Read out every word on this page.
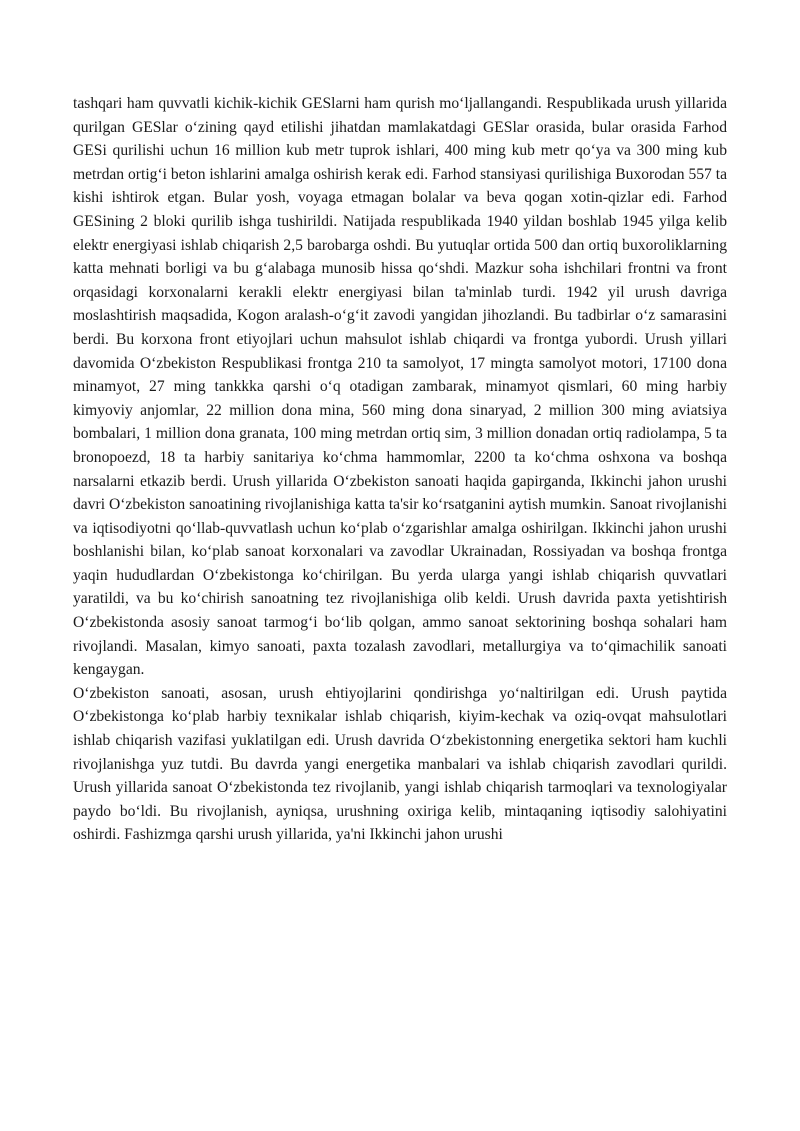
tashqari ham quvvatli kichik-kichik GESlarni ham qurish mo‘ljallangandi. Respublikada urush yillarida qurilgan GESlar o‘zining qayd etilishi jihatdan mamlakatdagi GESlar orasida, bular orasida Farhod GESi qurilishi uchun 16 million kub metr tuprok ishlari, 400 ming kub metr qo‘ya va 300 ming kub metrdan ortig‘i beton ishlarini amalga oshirish kerak edi. Farhod stansiyasi qurilishiga Buxorodan 557 ta kishi ishtirok etgan. Bular yosh, voyaga etmagan bolalar va beva qogan xotin-qizlar edi. Farhod GESining 2 bloki qurilib ishga tushirildi. Natijada respublikada 1940 yildan boshlab 1945 yilga kelib elektr energiyasi ishlab chiqarish 2,5 barobarga oshdi. Bu yutuqlar ortida 500 dan ortiq buxoroliklarning katta mehnati borligi va bu g‘alabaga munosib hissa qo‘shdi. Mazkur soha ishchilari frontni va front orqasidagi korxonalarni kerakli elektr energiyasi bilan ta'minlab turdi. 1942 yil urush davriga moslashtirish maqsadida, Kogon aralash-o‘g‘it zavodi yangidan jihozlandi. Bu tadbirlar o‘z samarasini berdi. Bu korxona front etiyojlari uchun mahsulot ishlab chiqardi va frontga yubordi. Urush yillari davomida O‘zbekiston Respublikasi frontga 210 ta samolyot, 17 mingta samolyot motori, 17100 dona minamyot, 27 ming tankkka qarshi o‘q otadigan zambarak, minamyot qismlari, 60 ming harbiy kimyoviy anjomlar, 22 million dona mina, 560 ming dona sinaryad, 2 million 300 ming aviatsiya bombalari, 1 million dona granata, 100 ming metrdan ortiq sim, 3 million donadan ortiq radiolampa, 5 ta bronopoezd, 18 ta harbiy sanitariya ko‘chma hammomlar, 2200 ta ko‘chma oshxona va boshqa narsalarni etkazib berdi. Urush yillarida O‘zbekiston sanoati haqida gapirganda, Ikkinchi jahon urushi davri O‘zbekiston sanoatining rivojlanishiga katta ta'sir ko‘rsatganini aytish mumkin. Sanoat rivojlanishi va iqtisodiyotni qo‘llab-quvvatlash uchun ko‘plab o‘zgarishlar amalga oshirilgan. Ikkinchi jahon urushi boshlanishi bilan, ko‘plab sanoat korxonalari va zavodlar Ukrainadan, Rossiyadan va boshqa frontga yaqin hududlardan O‘zbekistonga ko‘chirilgan. Bu yerda ularga yangi ishlab chiqarish quvvatlari yaratildi, va bu ko‘chirish sanoatning tez rivojlanishiga olib keldi. Urush davrida paxta yetishtirish O‘zbekistonda asosiy sanoat tarmog‘i bo‘lib qolgan, ammo sanoat sektorining boshqa sohalari ham rivojlandi. Masalan, kimyo sanoati, paxta tozalash zavodlari, metallurgiya va to‘qimachilik sanoati kengaygan.

O‘zbekiston sanoati, asosan, urush ehtiyojlarini qondirishga yo‘naltirilgan edi. Urush paytida O‘zbekistonga ko‘plab harbiy texnikalar ishlab chiqarish, kiyim-kechak va oziq-ovqat mahsulotlari ishlab chiqarish vazifasi yuklatilgan edi. Urush davrida O‘zbekistonning energetika sektori ham kuchli rivojlanishga yuz tutdi. Bu davrda yangi energetika manbalari va ishlab chiqarish zavodlari qurildi. Urush yillarida sanoat O‘zbekistonda tez rivojlanib, yangi ishlab chiqarish tarmoqlari va texnologiyalar paydo bo‘ldi. Bu rivojlanish, ayniqsa, urushning oxiriga kelib, mintaqaning iqtisodiy salohiyatini oshirdi. Fashizmga qarshi urush yillarida, ya'ni Ikkinchi jahon urushi
